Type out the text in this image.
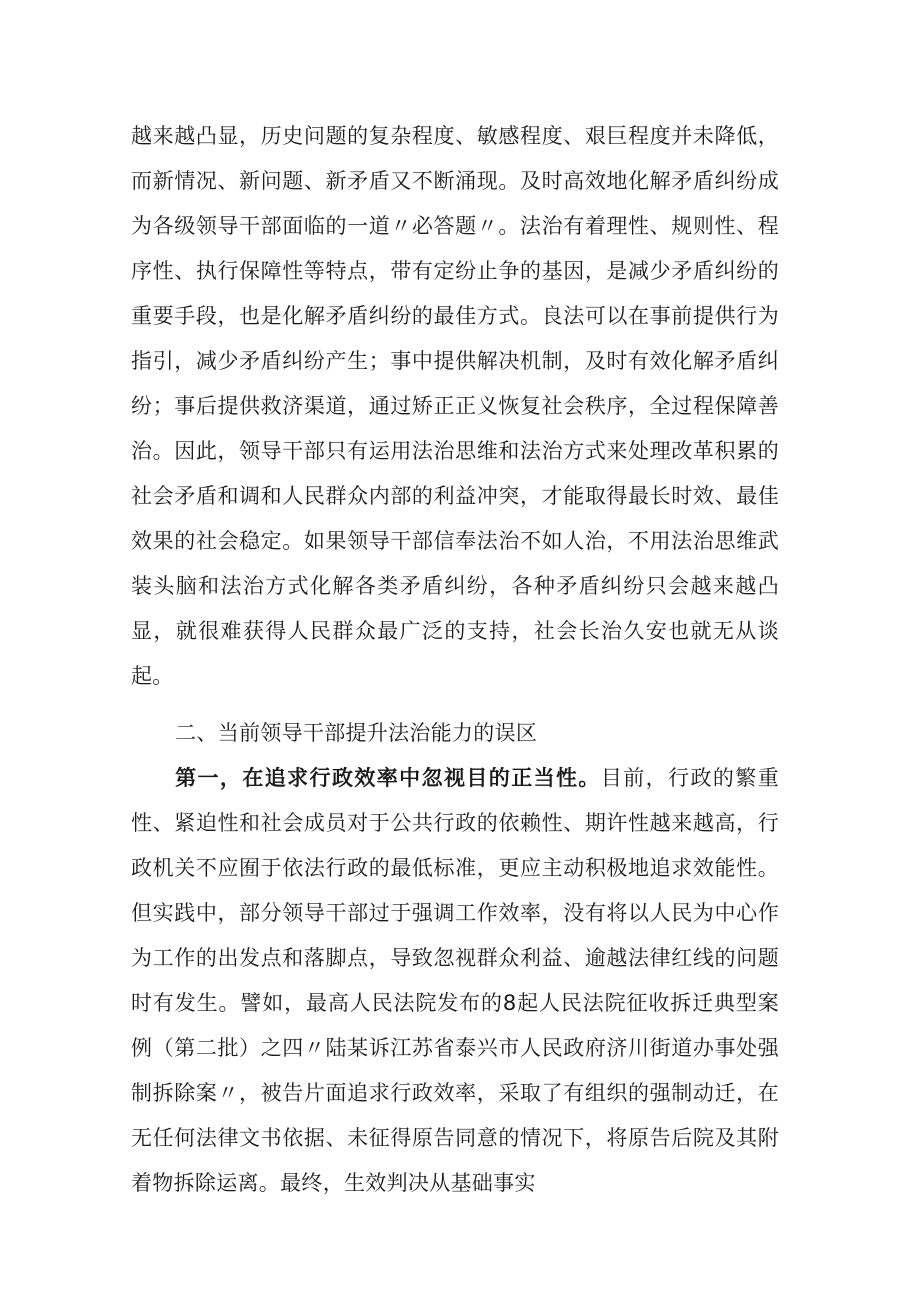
越来越凸显，历史问题的复杂程度、敏感程度、艰巨程度并未降低，而新情况、新问题、新矛盾又不断涌现。及时高效地化解矛盾纠纷成为各级领导干部面临的一道〃必答题〃。法治有着理性、规则性、程序性、执行保障性等特点，带有定纷止争的基因，是减少矛盾纠纷的重要手段，也是化解矛盾纠纷的最佳方式。良法可以在事前提供行为指引，减少矛盾纠纷产生；事中提供解决机制，及时有效化解矛盾纠纷；事后提供救济渠道，通过矫正正义恢复社会秩序，全过程保障善治。因此，领导干部只有运用法治思维和法治方式来处理改革积累的社会矛盾和调和人民群众内部的利益冲突，才能取得最长时效、最佳效果的社会稳定。如果领导干部信奉法治不如人治，不用法治思维武装头脑和法治方式化解各类矛盾纠纷，各种矛盾纠纷只会越来越凸显，就很难获得人民群众最广泛的支持，社会长治久安也就无从谈起。

二、当前领导干部提升法治能力的误区

第一，在追求行政效率中忽视目的正当性。目前，行政的繁重性、紧迫性和社会成员对于公共行政的依赖性、期许性越来越高，行政机关不应囿于依法行政的最低标准，更应主动积极地追求效能性。但实践中，部分领导干部过于强调工作效率，没有将以人民为中心作为工作的出发点和落脚点，导致忽视群众利益、逾越法律红线的问题时有发生。譬如，最高人民法院发布的8起人民法院征收拆迁典型案例（第二批）之四〃陆某诉江苏省泰兴市人民政府济川街道办事处强制拆除案〃，被告片面追求行政效率，采取了有组织的强制动迁，在无任何法律文书依据、未征得原告同意的情况下，将原告后院及其附着物拆除运离。最终，生效判决从基础事实
